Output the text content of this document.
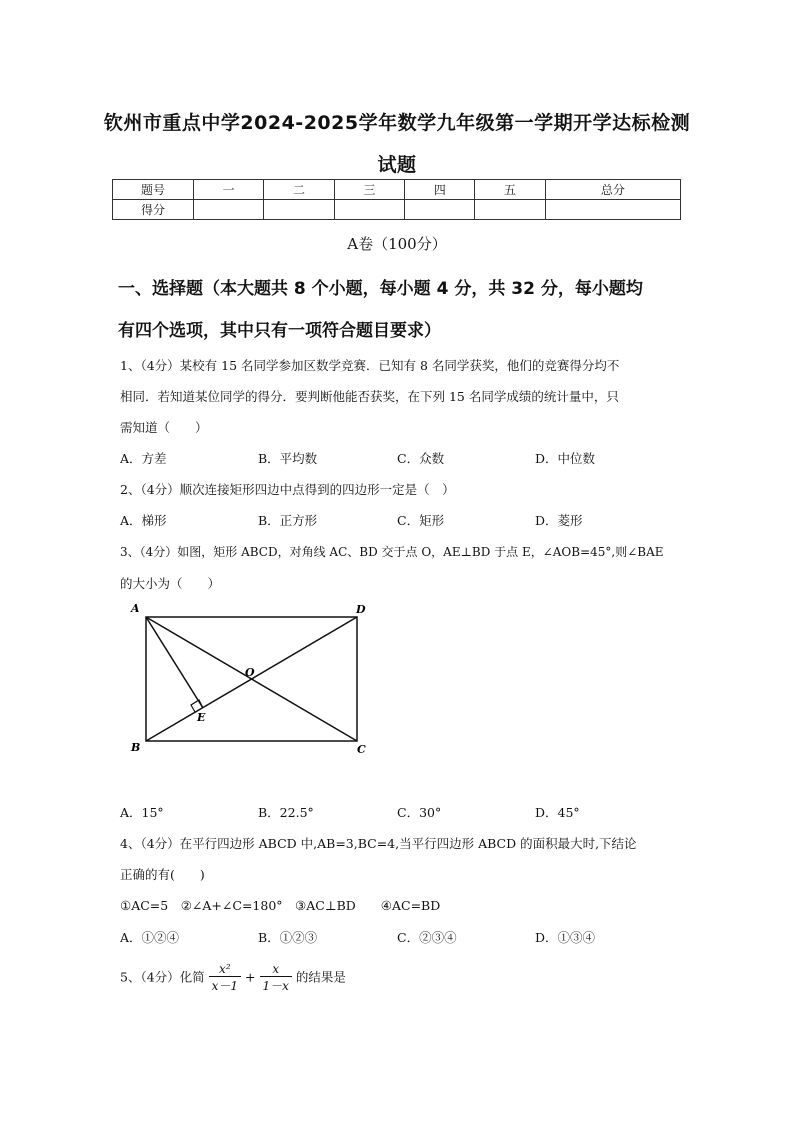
钦州市重点中学2024-2025学年数学九年级第一学期开学达标检测
试题
题号	一	二	三	四	五	总分
得分						
A卷（100分）
一、选择题（本大题共 8 个小题，每小题 4 分，共 32 分，每小题均
有四个选项，其中只有一项符合题目要求）
1、（4分）某校有 15 名同学参加区数学竞赛．已知有 8 名同学获奖，他们的竞赛得分均不
相同．若知道某位同学的得分．要判断他能否获奖，在下列 15 名同学成绩的统计量中，只
需知道（　　）
A．方差	B．平均数	C．众数	D．中位数
2、（4分）顺次连接矩形四边中点得到的四边形一定是（　）
A．梯形	B．正方形	C．矩形	D．菱形
3、（4分）如图，矩形 ABCD，对角线 AC、BD 交于点 O，AE⊥BD 于点 E，∠AOB=45°,则∠BAE
的大小为（　　）
A	D
B	C
O
E
A．15°	B．22.5°	C．30°	D．45°
4、（4分）在平行四边形 ABCD 中,AB=3,BC=4,当平行四边形 ABCD 的面积最大时,下结论
正确的有(　　)
①AC=5　②∠A+∠C=180°　③AC⊥BD　　④AC=BD
A．①②④	B．①②③	C．②③④	D．①③④
5、（4分）化简 $\frac{\text{x²}}{x-1} + \frac{x}{1-x}$ 的结果是
